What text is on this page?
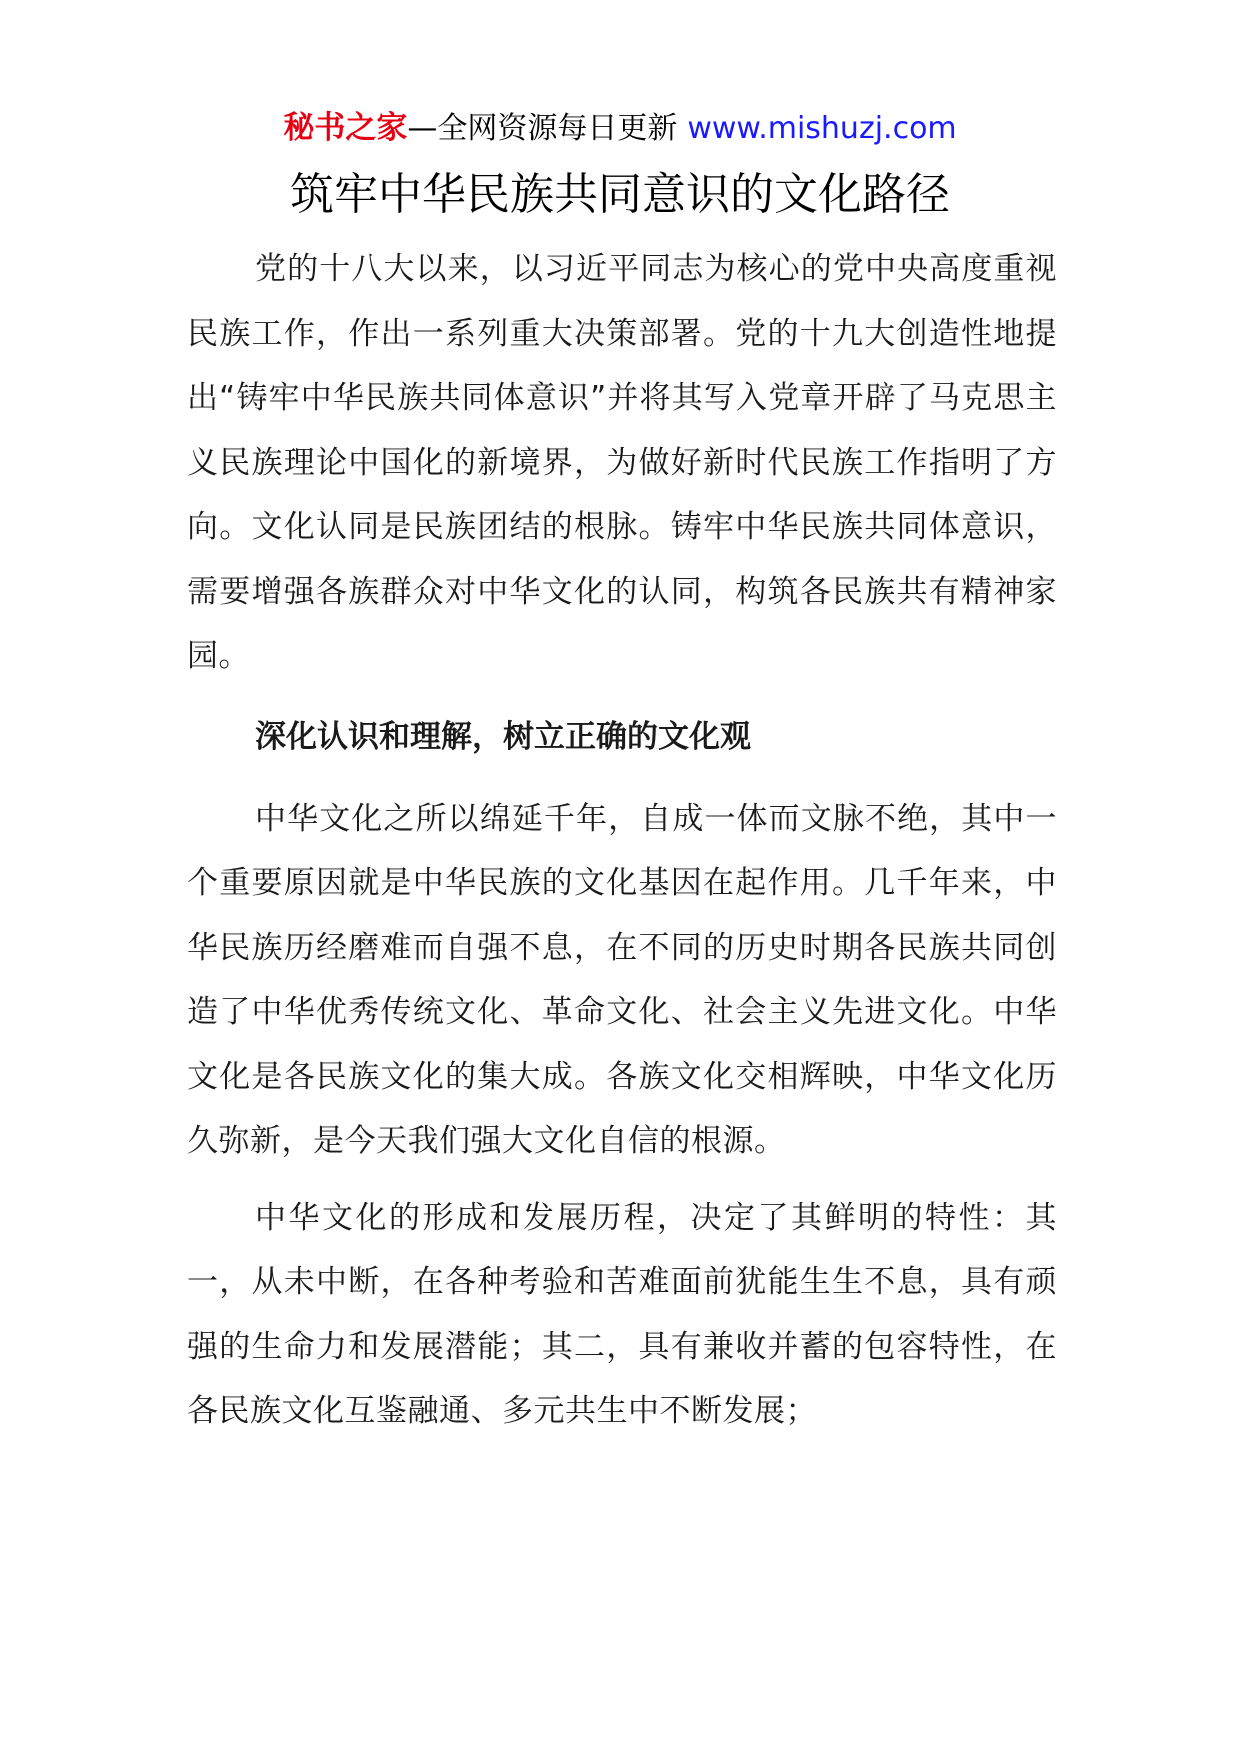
秘书之家—全网资源每日更新 www.mishuzj.com
筑牢中华民族共同意识的文化路径

党的十八大以来，以习近平同志为核心的党中央高度重视民族工作，作出一系列重大决策部署。党的十九大创造性地提出“铸牢中华民族共同体意识”并将其写入党章开辟了马克思主义民族理论中国化的新境界，为做好新时代民族工作指明了方向。文化认同是民族团结的根脉。铸牢中华民族共同体意识，需要增强各族群众对中华文化的认同，构筑各民族共有精神家园。

深化认识和理解，树立正确的文化观

中华文化之所以绵延千年，自成一体而文脉不绝，其中一个重要原因就是中华民族的文化基因在起作用。几千年来，中华民族历经磨难而自强不息，在不同的历史时期各民族共同创造了中华优秀传统文化、革命文化、社会主义先进文化。中华文化是各民族文化的集大成。各族文化交相辉映，中华文化历久弥新，是今天我们强大文化自信的根源。

中华文化的形成和发展历程，决定了其鲜明的特性：其一，从未中断，在各种考验和苦难面前犹能生生不息，具有顽强的生命力和发展潜能；其二，具有兼收并蓄的包容特性，在各民族文化互鉴融通、多元共生中不断发展；
